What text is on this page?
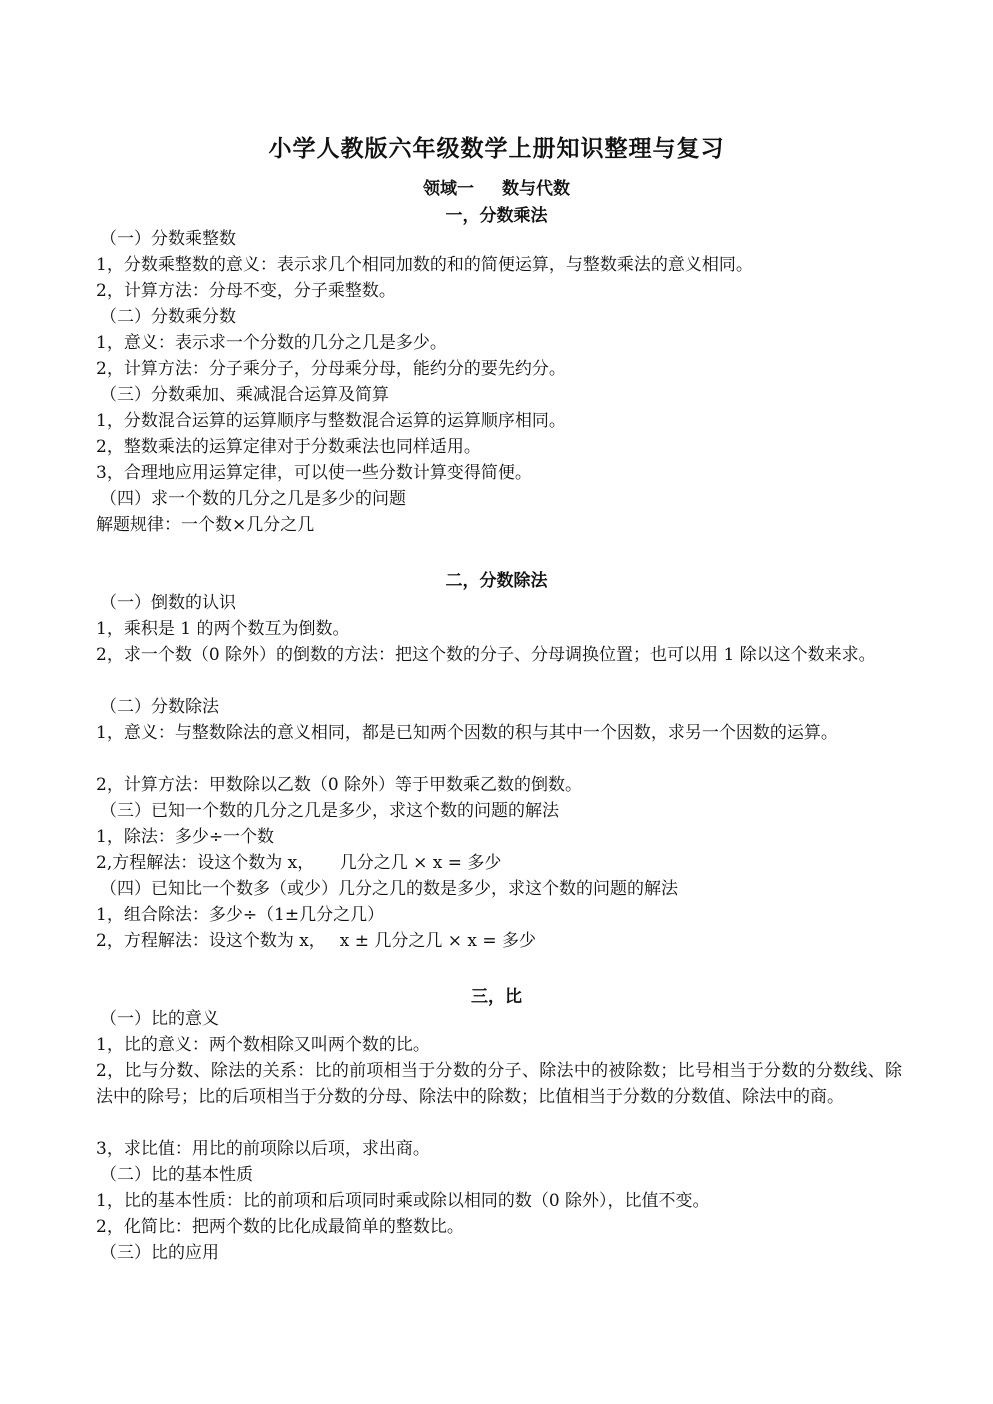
小学人教版六年级数学上册知识整理与复习
领域一 数与代数
一，分数乘法
（一）分数乘整数
1，分数乘整数的意义：表示求几个相同加数的和的简便运算，与整数乘法的意义相同。
2，计算方法：分母不变，分子乘整数。
（二）分数乘分数
1，意义：表示求一个分数的几分之几是多少。
2，计算方法：分子乘分子，分母乘分母，能约分的要先约分。
（三）分数乘加、乘减混合运算及简算
1，分数混合运算的运算顺序与整数混合运算的运算顺序相同。
2，整数乘法的运算定律对于分数乘法也同样适用。
3，合理地应用运算定律，可以使一些分数计算变得简便。
（四）求一个数的几分之几是多少的问题
解题规律：一个数×几分之几
二，分数除法
（一）倒数的认识
1，乘积是 1 的两个数互为倒数。
2，求一个数（0 除外）的倒数的方法：把这个数的分子、分母调换位置；也可以用 1 除以这个数来求。
（二）分数除法
1，意义：与整数除法的意义相同，都是已知两个因数的积与其中一个因数，求另一个因数的运算。
2，计算方法：甲数除以乙数（0 除外）等于甲数乘乙数的倒数。
（三）已知一个数的几分之几是多少，求这个数的问题的解法
1，除法：多少÷一个数
2,方程解法：设这个数为 x，　　几分之几 × x = 多少
（四）已知比一个数多（或少）几分之几的数是多少，求这个数的问题的解法
1，组合除法：多少÷（1±几分之几）
2，方程解法：设这个数为 x，　 x ± 几分之几 × x = 多少
三，比
（一）比的意义
1，比的意义：两个数相除又叫两个数的比。
2，比与分数、除法的关系：比的前项相当于分数的分子、除法中的被除数；比号相当于分数的分数线、除法中的除号；比的后项相当于分数的分母、除法中的除数；比值相当于分数的分数值、除法中的商。
3，求比值：用比的前项除以后项，求出商。
（二）比的基本性质
1，比的基本性质：比的前项和后项同时乘或除以相同的数（0 除外），比值不变。
2，化简比：把两个数的比化成最简单的整数比。
（三）比的应用
